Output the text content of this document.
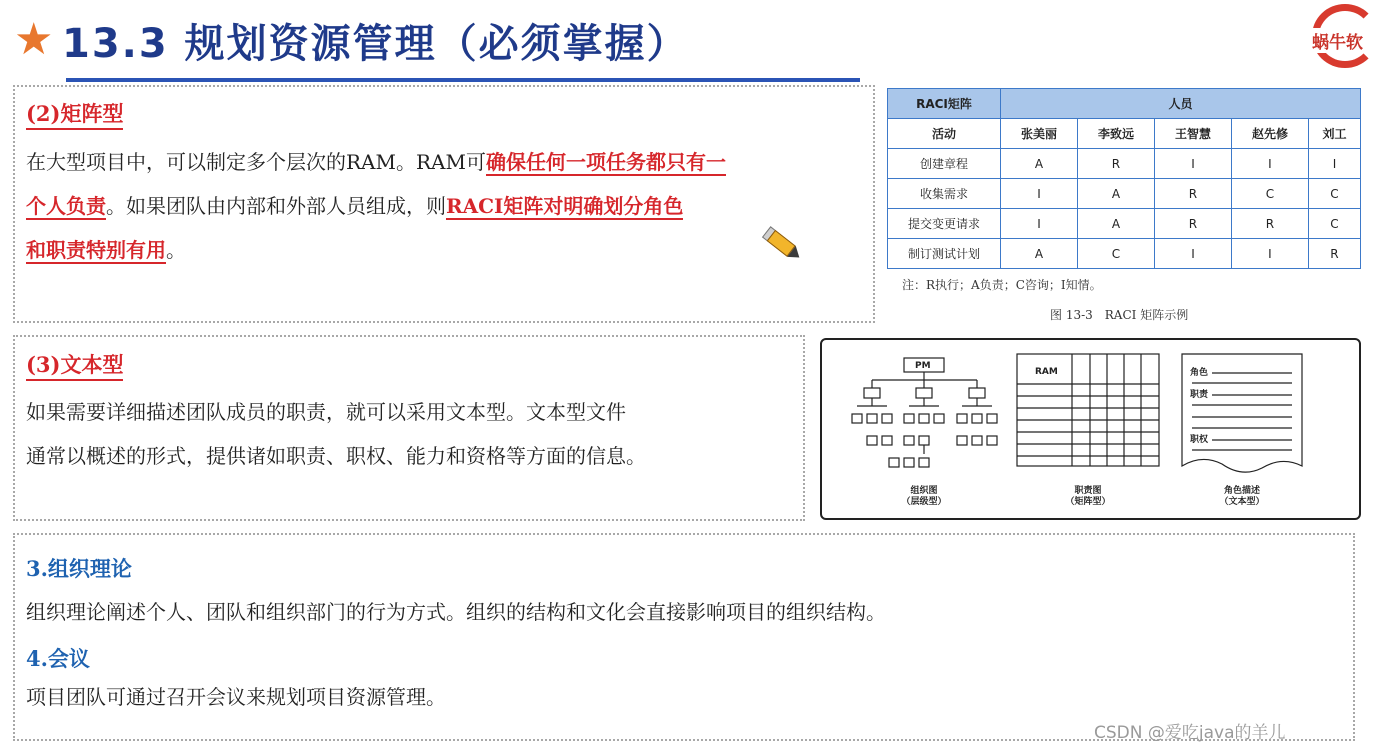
★ 13.3 规划资源管理（必须掌握）	蜗牛软
(2)矩阵型
在大型项目中，可以制定多个层次的RAM。RAM可确保任何一项任务都只有一
个人负责。如果团队由内部和外部人员组成，则RACI矩阵对明确划分角色
和职责特别有用。
(3)文本型
如果需要详细描述团队成员的职责，就可以采用文本型。文本型文件
通常以概述的形式，提供诸如职责、职权、能力和资格等方面的信息。
3.组织理论
组织理论阐述个人、团队和组织部门的行为方式。组织的结构和文化会直接影响项目的组织结构。
4.会议
项目团队可通过召开会议来规划项目资源管理。
RACI矩阵	人员				
活动	张美丽	李致远	王智慧	赵先修	刘工
创建章程	A	R	I	I	I
收集需求	I	A	R	C	C
提交变更请求	I	A	R	R	C
制订测试计划	A	C	I	I	R
注：R执行；A负责；C咨询；I知情。
图 13-3　RACI 矩阵示例
PM
RAM	角色
职责
职权
组织图
（层级型）
职责图
（矩阵型）
角色描述
（文本型）
CSDN @爱吃java的羊儿
